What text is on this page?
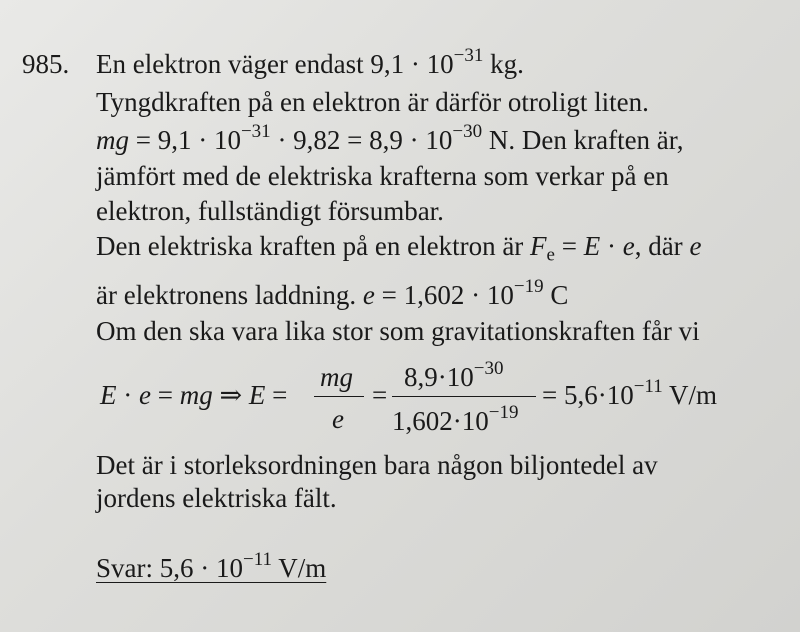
985. En elektron väger endast $9,1 \cdot 10^{-31}$ kg.
Tyngdkraften på en elektron är därför otroligt liten.
mg = $9,1 \cdot 10^{-31} \cdot 9,82 = 8,9 \cdot 10^{-30}$ N. Den kraften är,
jämfört med de elektriska krafterna som verkar på en
elektron, fullständigt försumbar.
Den elektriska kraften på en elektron är $F_e = E \cdot e$, där e
är elektronens laddning. $e = 1,602 \cdot 10^{-19}$ C
Om den ska vara lika stor som gravitationskraften får vi
E · e = mg ⇒ E =
mg
e
=
$8,9\cdot 10^{-30}$
$1,602\cdot 10^{-19}$
= $5,6\cdot 10^{-11}$ V/m
Det är i storleksordningen bara någon biljontedel av
jordens elektriska fält.
Svar: $5,6 \cdot 10^{-11}$ V/m
